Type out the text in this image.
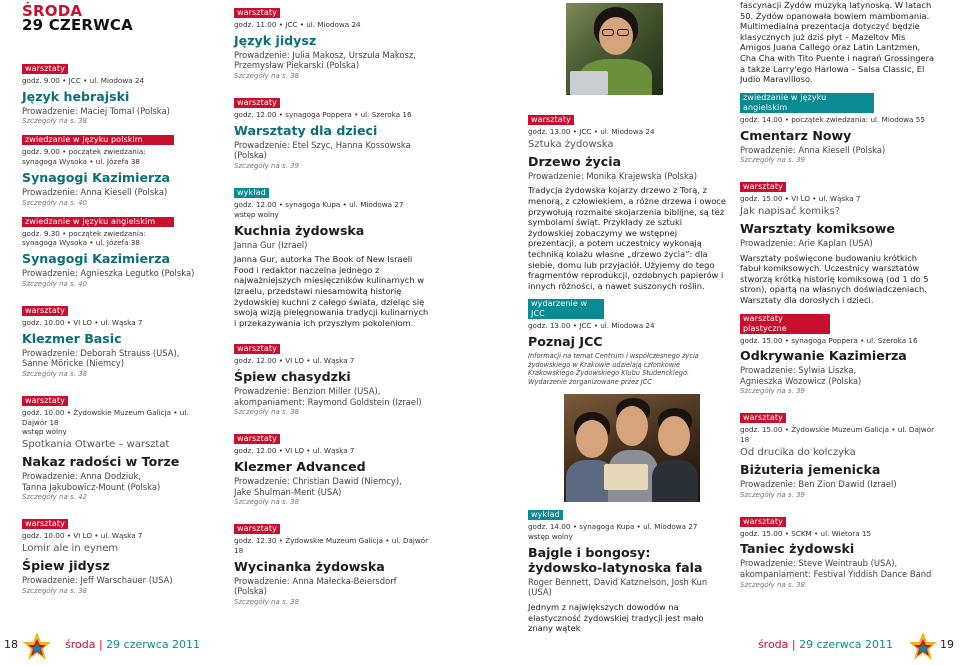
ŚRODA
29 CZERWCA
warsztaty
godz. 9.00 • JCC • ul. Miodowa 24
Język hebrajski
Prowadzenie: Maciej Tomal (Polska)
Szczegóły na s. 38
zwiedzanie w języku polskim
godz. 9.00 • początek zwiedzania:
synagoga Wysoka • ul. Józefa 38
Synagogi Kazimierza
Prowadzenie: Anna Kiesell (Polska)
Szczegóły na s. 40
zwiedzanie w języku angielskim
godz. 9.30 • początek zwiedzania:
synagoga Wysoka • ul. Józefa 38
Synagogi Kazimierza
Prowadzenie: Agnieszka Legutko (Polska)
Szczegóły na s. 40
warsztaty
godz. 10.00 • VI LO • ul. Wąska 7
Klezmer Basic
Prowadzenie: Deborah Strauss (USA),
Sanne Möricke (Niemcy)
Szczegóły na s. 38
warsztaty
godz. 10.00 • Żydowskie Muzeum Galicja • ul. Dajwór 18
wstęp wolny
Spotkania Otwarte – warsztat
Nakaz radości w Torze
Prowadzenie: Anna Dodziuk,
Tanna Jakubowicz-Mount (Polska)
Szczegóły na s. 42
warsztaty
godz. 10.00 • VI LO • ul. Wąska 7
Lomir ale in eynem
Śpiew jidysz
Prowadzenie: Jeff Warschauer (USA)
Szczegóły na s. 38
warsztaty
godz. 11.00 • JCC • ul. Miodowa 24
Język jidysz
Prowadzenie: Julia Makosz, Urszula Makosz,
Przemysław Piekarski (Polska)
Szczegóły na s. 38
warsztaty
godz. 12.00 • synagoga Poppera • ul. Szeroka 16
Warsztaty dla dzieci
Prowadzenie: Etel Szyc, Hanna Kossowska (Polska)
Szczegóły na s. 39
wykład
godz. 12.00 • synagoga Kupa • ul. Miodowa 27
wstęp wolny
Kuchnia żydowska
Janna Gur (Izrael)
Janna Gur, autorka The Book of New Israeli Food i redaktor naczelna jednego z najważniejszych miesięczników kulinarnych w Izraelu, przedstawi niesamowitą historię żydowskiej kuchni z całego świata, dzieląc się swoją wizją pielęgnowania tradycji kulinarnych i przekazywania ich przyszłym pokoleniom.
warsztaty
godz. 12.00 • VI LO • ul. Wąska 7
Śpiew chasydzki
Prowadzenie: Benzion Miller (USA),
akompaniament: Raymond Goldstein (Izrael)
Szczegóły na s. 38
warsztaty
godz. 12.00 • VI LO • ul. Wąska 7
Klezmer Advanced
Prowadzenie: Christian Dawid (Niemcy),
Jake Shulman-Ment (USA)
Szczegóły na s. 38
warsztaty
godz. 12.30 • Żydowskie Muzeum Galicja • ul. Dajwór 18
Wycinanka żydowska
Prowadzenie: Anna Małecka-Beiersdorf (Polska)
Szczegóły na s. 38
warsztaty
godz. 13.00 • JCC • ul. Miodowa 24
Sztuka żydowska
Drzewo życia
Prowadzenie: Monika Krajewska (Polska)
Tradycja żydowska kojarzy drzewo z Torą, z menorą, z człowiekiem, a różne drzewa i owoce przywołują rozmaite skojarzenia biblijne, są też symbolami świąt. Przykłady ze sztuki żydowskiej zobaczymy we wstępnej prezentacji, a potem uczestnicy wykonają techniką kolażu własne „drzewo życia”: dla siebie, domu lub przyjaciół. Użyjemy do tego fragmentów reprodukcji, ozdobnych papierów i innych różności, a nawet suszonych roślin.
wydarzenie w JCC
godz. 13.00 • JCC • ul. Miodowa 24
Poznaj JCC
Informacji na temat Centrum i współczesnego życia żydowskiego w Krakowie udzielają członkowie Krakowskiego Żydowskiego Klubu Studenckiego. Wydarzenie zorganizowane przez JCC
wykład
godz. 14.00 • synagoga Kupa • ul. Miodowa 27
wstęp wolny
Bajgle i bongosy:
żydowsko-latynoska fala
Roger Bennett, David Katznelson, Josh Kun (USA)
Jednym z największych dowodów na elastyczność żydowskiej tradycji jest mało znany wątek
fascynacji Żydów muzyką latynoską. W latach 50. Żydów opanowała bowiem mambomania. Multimedialna prezentacja dotyczyć będzie klasycznych już dziś płyt – Mazeltov Mis Amigos Juana Callego oraz Latin Lantzmen, Cha Cha with Tito Puente i nagrań Grossingera a także Larry'ego Harlowa – Salsa Classic, El Judio Maravilloso.
zwiedzanie w języku angielskim
godz. 14.00 • początek zwiedzania: ul. Miodowa 55
Cmentarz Nowy
Prowadzenie: Anna Kiesell (Polska)
Szczegóły na s. 39
warsztaty
godz. 15.00 • VI LO • ul. Wąska 7
Jak napisać komiks?
Warsztaty komiksowe
Prowadzenie: Arie Kaplan (USA)
Warsztaty poświęcone budowaniu krótkich fabuł komiksowych. Uczestnicy warsztatów stworzą krótką historię komiksową (od 1 do 5 stron), opartą na własnych doświadczeniach. Warsztaty dla dorosłych i dzieci.
warsztaty plastyczne
godz. 15.00 • synagoga Poppera • ul. Szeroka 16
Odkrywanie Kazimierza
Prowadzenie: Sylwia Liszka,
Agnieszka Wozowicz (Polska)
Szczegóły na s. 39
warsztaty
godz. 15.00 • Żydowskie Muzeum Galicja • ul. Dajwór 18
Od drucika do kolczyka
Biżuteria jemenicka
Prowadzenie: Ben Zion Dawid (Izrael)
Szczegóły na s. 39
warsztaty
godz. 15.00 • SCKM • ul. Wietora 15
Taniec żydowski
Prowadzenie: Steve Weintraub (USA),
akompaniament: Festival Yiddish Dance Band
Szczegóły na s. 38
18	środa | 29 czerwca 2011	środa | 29 czerwca 2011	19
